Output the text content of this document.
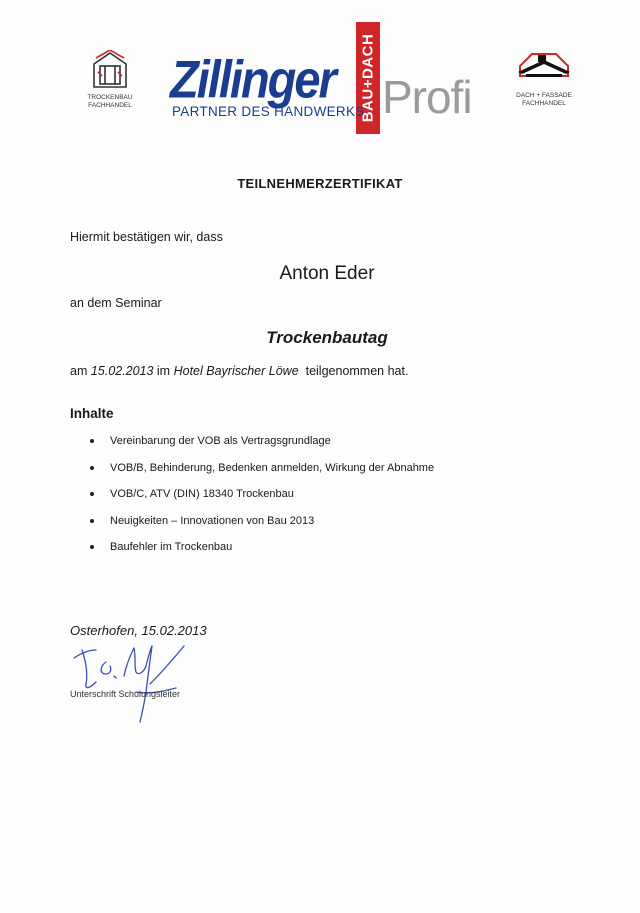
TROCKENBAU
FACHHANDEL Zillinger BAU+DACH Profi
PARTNER DES HANDWERKS
DACH + FASSADE
FACHHANDEL
TEILNEHMERZERTIFIKAT
Hiermit bestätigen wir, dass
Anton Eder
an dem Seminar
Trockenbautag
am 15.02.2013 im Hotel Bayrischer Löwe teilgenommen hat.
Inhalte
Vereinbarung der VOB als Vertragsgrundlage
VOB/B, Behinderung, Bedenken anmelden, Wirkung der Abnahme
VOB/C, ATV (DIN) 18340 Trockenbau
Neuigkeiten – Innovationen von Bau 2013
Baufehler im Trockenbau
Osterhofen, 15.02.2013
Unterschrift Schulungsleiter
